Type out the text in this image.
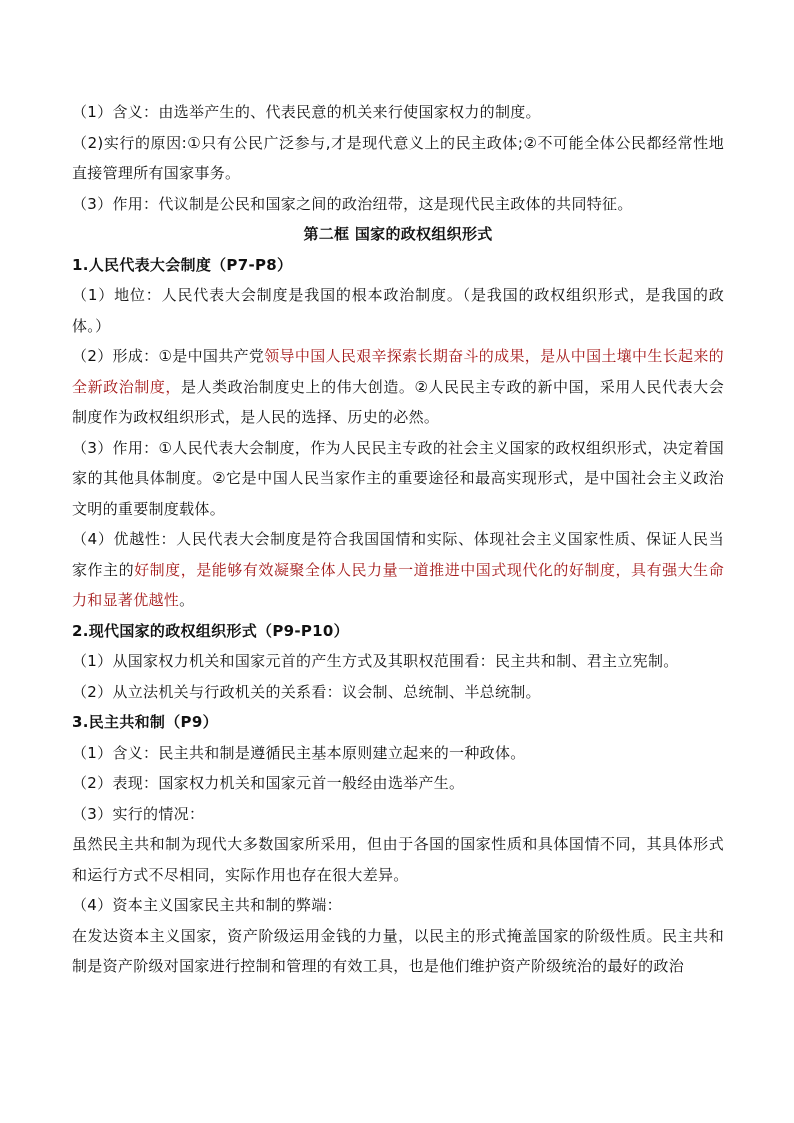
（1）含义：由选举产生的、代表民意的机关来行使国家权力的制度。

（2)实行的原因:①只有公民广泛参与,才是现代意义上的民主政体;②不可能全体公民都经常性地直接管理所有国家事务。

（3）作用：代议制是公民和国家之间的政治纽带，这是现代民主政体的共同特征。

第二框 国家的政权组织形式

1.人民代表大会制度（P7-P8）

（1）地位：人民代表大会制度是我国的根本政治制度。（是我国的政权组织形式，是我国的政体。）

（2）形成：①是中国共产党领导中国人民艰辛探索长期奋斗的成果，是从中国土壤中生长起来的全新政治制度，是人类政治制度史上的伟大创造。②人民民主专政的新中国，采用人民代表大会制度作为政权组织形式，是人民的选择、历史的必然。

（3）作用：①人民代表大会制度，作为人民民主专政的社会主义国家的政权组织形式，决定着国家的其他具体制度。②它是中国人民当家作主的重要途径和最高实现形式，是中国社会主义政治文明的重要制度载体。

（4）优越性：人民代表大会制度是符合我国国情和实际、体现社会主义国家性质、保证人民当家作主的好制度，是能够有效凝聚全体人民力量一道推进中国式现代化的好制度，具有强大生命力和显著优越性。

2.现代国家的政权组织形式（P9-P10）

（1）从国家权力机关和国家元首的产生方式及其职权范围看：民主共和制、君主立宪制。

（2）从立法机关与行政机关的关系看：议会制、总统制、半总统制。

3.民主共和制（P9）

（1）含义：民主共和制是遵循民主基本原则建立起来的一种政体。

（2）表现：国家权力机关和国家元首一般经由选举产生。

（3）实行的情况：

虽然民主共和制为现代大多数国家所采用，但由于各国的国家性质和具体国情不同，其具体形式和运行方式不尽相同，实际作用也存在很大差异。

（4）资本主义国家民主共和制的弊端：

在发达资本主义国家，资产阶级运用金钱的力量，以民主的形式掩盖国家的阶级性质。民主共和制是资产阶级对国家进行控制和管理的有效工具，也是他们维护资产阶级统治的最好的政治
